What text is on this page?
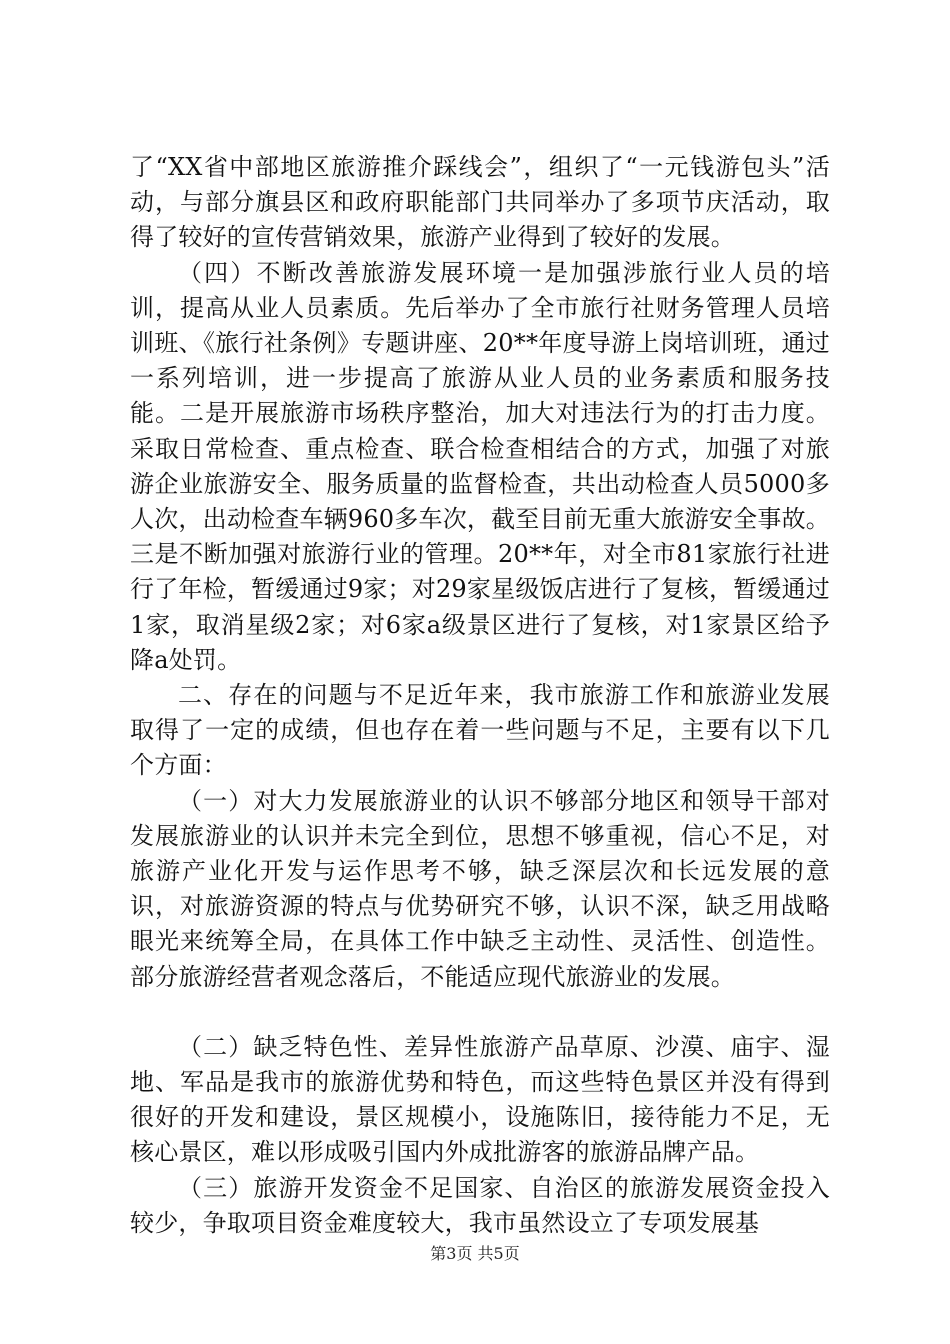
了“XX省中部地区旅游推介踩线会”，组织了“一元钱游包头”活动，与部分旗县区和政府职能部门共同举办了多项节庆活动，取得了较好的宣传营销效果，旅游产业得到了较好的发展。

（四）不断改善旅游发展环境一是加强涉旅行业人员的培训，提高从业人员素质。先后举办了全市旅行社财务管理人员培训班、《旅行社条例》专题讲座、20**年度导游上岗培训班，通过一系列培训，进一步提高了旅游从业人员的业务素质和服务技能。二是开展旅游市场秩序整治，加大对违法行为的打击力度。采取日常检查、重点检查、联合检查相结合的方式，加强了对旅游企业旅游安全、服务质量的监督检查，共出动检查人员5000多人次，出动检查车辆960多车次，截至目前无重大旅游安全事故。三是不断加强对旅游行业的管理。20**年，对全市81家旅行社进行了年检，暂缓通过9家；对29家星级饭店进行了复核，暂缓通过1家，取消星级2家；对6家a级景区进行了复核，对1家景区给予降a处罚。

二、存在的问题与不足近年来，我市旅游工作和旅游业发展取得了一定的成绩，但也存在着一些问题与不足，主要有以下几个方面：

（一）对大力发展旅游业的认识不够部分地区和领导干部对发展旅游业的认识并未完全到位，思想不够重视，信心不足，对旅游产业化开发与运作思考不够，缺乏深层次和长远发展的意识，对旅游资源的特点与优势研究不够，认识不深，缺乏用战略眼光来统筹全局，在具体工作中缺乏主动性、灵活性、创造性。部分旅游经营者观念落后，不能适应现代旅游业的发展。

（二）缺乏特色性、差异性旅游产品草原、沙漠、庙宇、湿地、军品是我市的旅游优势和特色，而这些特色景区并没有得到很好的开发和建设，景区规模小，设施陈旧，接待能力不足，无核心景区，难以形成吸引国内外成批游客的旅游品牌产品。

（三）旅游开发资金不足国家、自治区的旅游发展资金投入较少，争取项目资金难度较大，我市虽然设立了专项发展基

第3页 共5页
